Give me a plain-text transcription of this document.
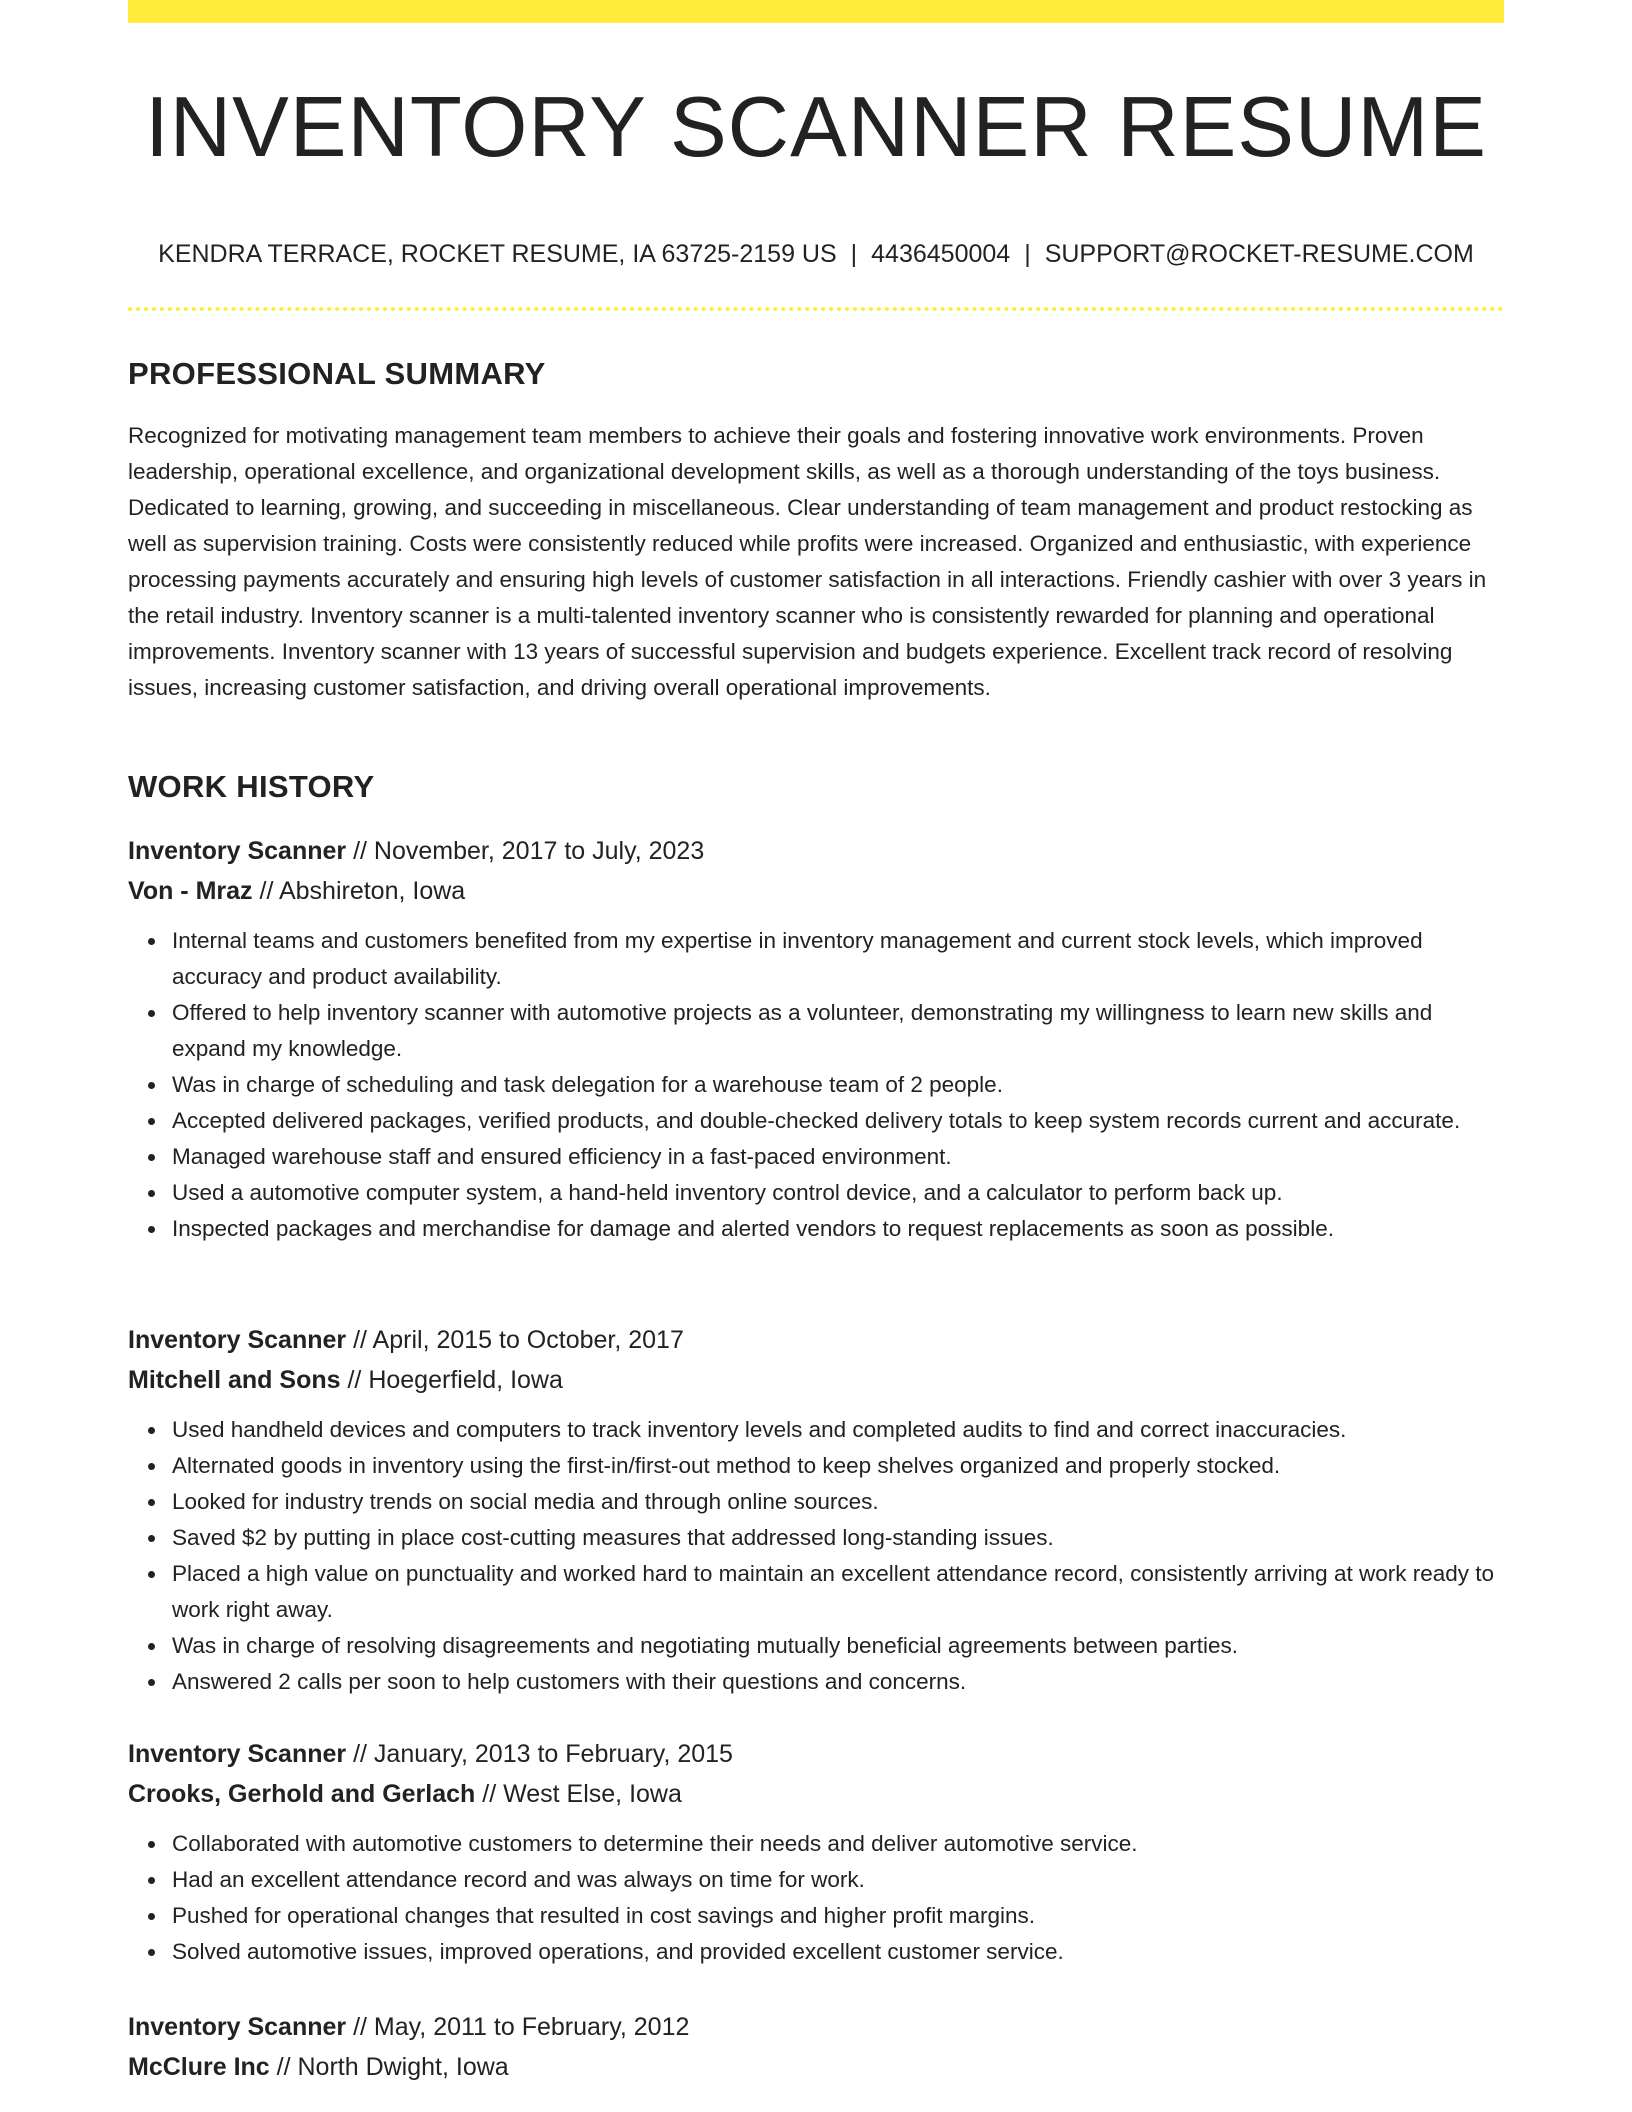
INVENTORY SCANNER RESUME
KENDRA TERRACE, ROCKET RESUME, IA 63725-2159 US | 4436450004 | SUPPORT@ROCKET-RESUME.COM
PROFESSIONAL SUMMARY

Recognized for motivating management team members to achieve their goals and fostering innovative work environments. Proven leadership, operational excellence, and organizational development skills, as well as a thorough understanding of the toys business. Dedicated to learning, growing, and succeeding in miscellaneous. Clear understanding of team management and product restocking as well as supervision training. Costs were consistently reduced while profits were increased. Organized and enthusiastic, with experience processing payments accurately and ensuring high levels of customer satisfaction in all interactions. Friendly cashier with over 3 years in the retail industry. Inventory scanner is a multi-talented inventory scanner who is consistently rewarded for planning and operational improvements. Inventory scanner with 13 years of successful supervision and budgets experience. Excellent track record of resolving issues, increasing customer satisfaction, and driving overall operational improvements.

WORK HISTORY
Inventory Scanner // November, 2017 to July, 2023
Von - Mraz // Abshireton, Iowa
Internal teams and customers benefited from my expertise in inventory management and current stock levels, which improved accuracy and product availability.
Offered to help inventory scanner with automotive projects as a volunteer, demonstrating my willingness to learn new skills and expand my knowledge.
Was in charge of scheduling and task delegation for a warehouse team of 2 people.
Accepted delivered packages, verified products, and double-checked delivery totals to keep system records current and accurate.
Managed warehouse staff and ensured efficiency in a fast-paced environment.
Used a automotive computer system, a hand-held inventory control device, and a calculator to perform back up.
Inspected packages and merchandise for damage and alerted vendors to request replacements as soon as possible.
Inventory Scanner // April, 2015 to October, 2017
Mitchell and Sons // Hoegerfield, Iowa
Used handheld devices and computers to track inventory levels and completed audits to find and correct inaccuracies.
Alternated goods in inventory using the first-in/first-out method to keep shelves organized and properly stocked.
Looked for industry trends on social media and through online sources.
Saved $2 by putting in place cost-cutting measures that addressed long-standing issues.
Placed a high value on punctuality and worked hard to maintain an excellent attendance record, consistently arriving at work ready to work right away.
Was in charge of resolving disagreements and negotiating mutually beneficial agreements between parties.
Answered 2 calls per soon to help customers with their questions and concerns.
Inventory Scanner // January, 2013 to February, 2015
Crooks, Gerhold and Gerlach // West Else, Iowa
Collaborated with automotive customers to determine their needs and deliver automotive service.
Had an excellent attendance record and was always on time for work.
Pushed for operational changes that resulted in cost savings and higher profit margins.
Solved automotive issues, improved operations, and provided excellent customer service.
Inventory Scanner // May, 2011 to February, 2012
McClure Inc // North Dwight, Iowa
